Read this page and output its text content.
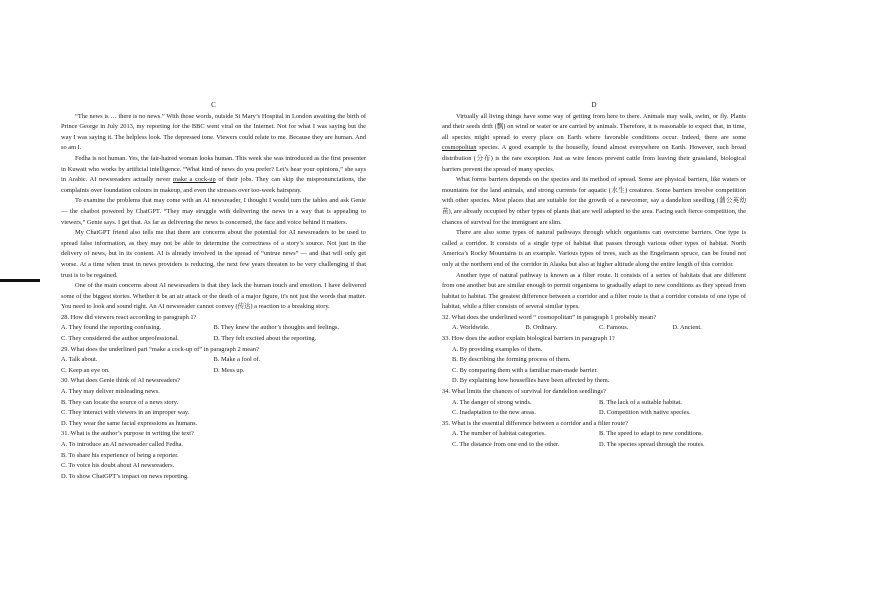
C

“The news is … there is no news.” With those words, outside St Mary’s Hospital in London awaiting the birth of Prince George in July 2013, my reporting for the BBC went viral on the Internet. Not for what I was saying but the way I was saying it. The helpless look. The depressed tone. Viewers could relate to me. Because they are human. And so am I.

Fedha is not human. Yes, the fair-haired woman looks human. This week she was introduced as the first presenter in Kuwait who works by artificial intelligence. “What kind of news do you prefer? Let’s hear your opinions,” she says in Arabic. AI newsreaders actually never make a cock-up of their jobs. They can skip the mispronunciations, the complaints over foundation colours in makeup, and even the stresses over too-week hairspray.

To examine the problems that may come with an AI newsreader, I thought I would turn the tables and ask Genie — the chatbot powered by ChatGPT. “They may struggle with delivering the news in a way that is appealing to viewers,” Genie says. I get that. As far as delivering the news is concerned, the face and voice behind it matters.

My ChatGPT friend also tells me that there are concerns about the potential for AI newsreaders to be used to spread false information, as they may not be able to determine the correctness of a story’s source. Not just in the delivery of news, but in its content. AI is already involved in the spread of “untrue news” — and that will only get worse. At a time when trust in news providers is reducing, the next few years threaten to be very challenging if that trust is to be regained.

One of the main concerns about AI newsreaders is that they lack the human touch and emotion. I have delivered some of the biggest stories. Whether it be an air attack or the death of a major figure, it's not just the words that matter. You need to look and sound right. An AI newsreader cannot convey (传达) a reaction to a breaking story.

28. How did viewers react according to paragraph 1?

A. They found the reporting confusing.	B. They knew the author’s thoughts and feelings.
C. They considered the author unprofessional.	D. They felt excited about the reporting.

29. What does the underlined part “make a cock-up of” in paragraph 2 mean?

A. Talk about.	B. Make a fool of.
C. Keep an eye on.	D. Mess up.

30. What does Genie think of AI newsreaders?

A. They may deliver misleading news.

B. They can locate the source of a news story.

C. They interact with viewers in an improper way.

D. They wear the same facial expressions as humans.

31. What is the author’s purpose in writing the text?

A. To introduce an AI newsreader called Fedha.

B. To share his experience of being a reporter.

C. To voice his doubt about AI newsreaders.

D. To show ChatGPT’s impact on news reporting.

D

Virtually all living things have some way of getting from here to there. Animals may walk, swim, or fly. Plants and their seeds drift (飘) on wind or water or are carried by animals. Therefore, it is reasonable to expect that, in time, all species might spread to every place on Earth where favorable conditions occur. Indeed, there are some cosmopolitan species. A good example is the housefly, found almost everywhere on Earth. However, such broad distribution (分布) is the rare exception. Just as wire fences prevent cattle from leaving their grassland, biological barriers prevent the spread of many species.

What forms barriers depends on the species and its method of spread. Some are physical barriers, like waters or mountains for the land animals, and strong currents for aquatic (水生) creatures. Some barriers involve competition with other species. Most places that are suitable for the growth of a newcomer, say a dandelion seedling (蒲公英幼苗), are already occupied by other types of plants that are well adapted to the area. Facing such fierce competition, the chances of survival for the immigrant are slim.

There are also some types of natural pathways through which organisms can overcome barriers. One type is called a corridor. It consists of a single type of habitat that passes through various other types of habitat. North America’s Rocky Mountains is an example. Various types of trees, such as the Engelmann spruce, can be found not only at the northern end of the corridor in Alaska but also at higher altitude along the entire length of this corridor.

Another type of natural pathway is known as a filter route. It consists of a series of habitats that are different from one another but are similar enough to permit organisms to gradually adapt to new conditions as they spread from habitat to habitat. The greatest difference between a corridor and a filter route is that a corridor consists of one type of habitat, while a filter consists of several similar types.

32. What does the underlined word “ cosmopolitan” in paragraph 1 probably mean?

A. Worldwide.	B. Ordinary.	C. Famous.	D. Ancient.

33. How does the author explain biological barriers in paragraph 1?

A. By providing examples of them.

B. By describing the forming process of them.

C. By comparing them with a familiar man-made barrier.

D. By explaining how houseflies have been affected by them.

34. What limits the chances of survival for dandelion seedlings?

A. The danger of strong winds.	B. The lack of a suitable habitat.
C. Inadaptation to the new areas.	D. Competition with native species.

35. What is the essential difference between a corridor and a filter route?

A. The number of habitat categories.	B. The speed to adapt to new conditions.
C. The distance from one end to the other.	D. The species spread through the routes.
